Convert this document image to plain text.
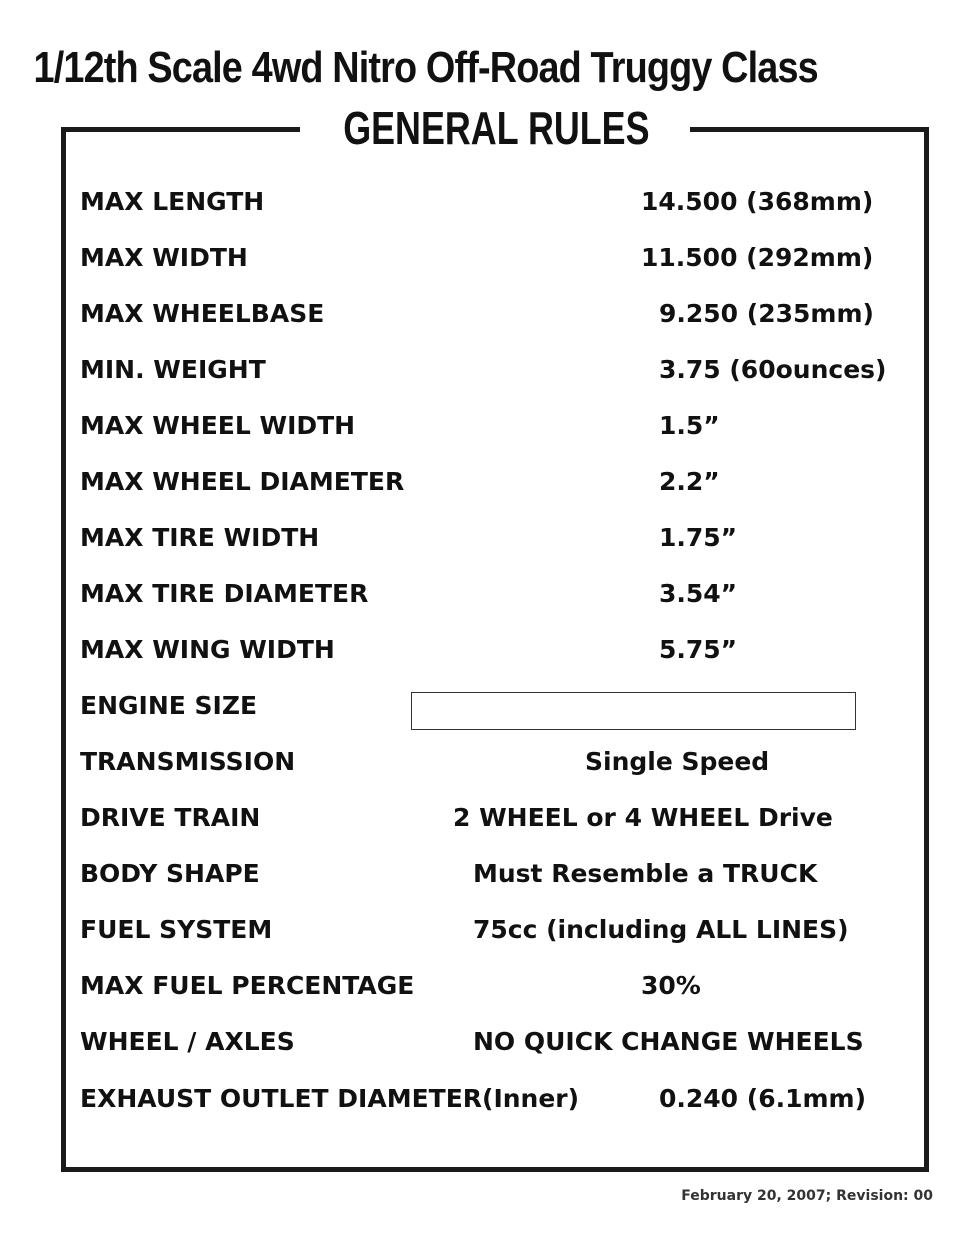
1/12th Scale 4wd Nitro Off-Road Truggy Class
GENERAL RULES
MAX LENGTH	14.500 (368mm)
MAX WIDTH	11.500 (292mm)
MAX WHEELBASE	9.250 (235mm)
MIN. WEIGHT	3.75 (60ounces)
MAX WHEEL WIDTH	1.5”
MAX WHEEL DIAMETER	2.2”
MAX TIRE WIDTH	1.75”
MAX TIRE DIAMETER	3.54”
MAX WING WIDTH	5.75”
ENGINE SIZE
TRANSMISSION	Single Speed
DRIVE TRAIN	2 WHEEL or 4 WHEEL Drive
BODY SHAPE	Must Resemble a TRUCK
FUEL SYSTEM	75cc (including ALL LINES)
MAX FUEL PERCENTAGE	30%
WHEEL / AXLES	NO QUICK CHANGE WHEELS
EXHAUST OUTLET DIAMETER(Inner)	0.240 (6.1mm)
February 20, 2007; Revision: 00
